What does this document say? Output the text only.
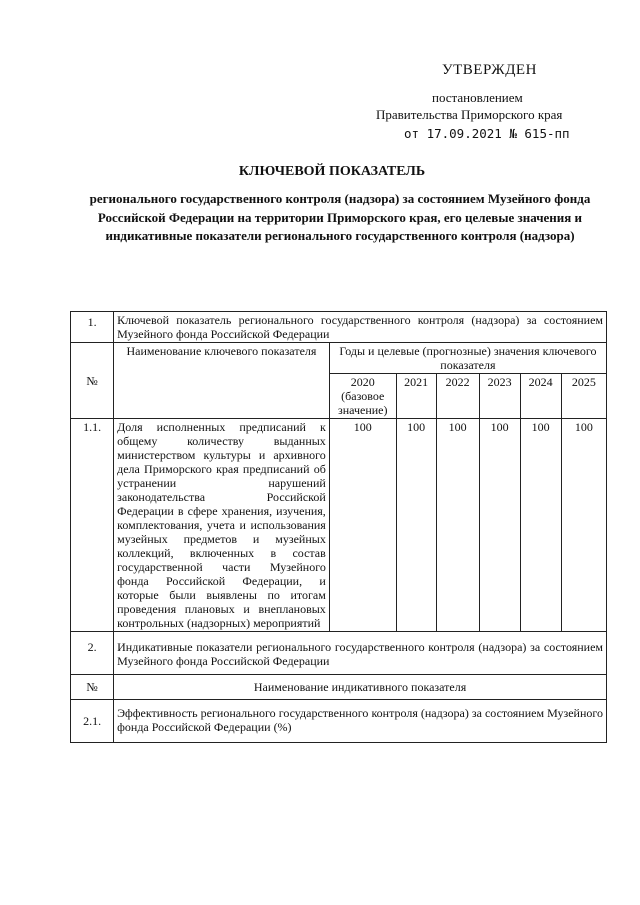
УТВЕРЖДЕН
постановлением
Правительства Приморского края
от 17.09.2021 № 615-пп
КЛЮЧЕВОЙ ПОКАЗАТЕЛЬ
регионального государственного контроля (надзора) за состоянием Музейного фонда Российской Федерации на территории Приморского края, его целевые значения и индикативные показатели регионального государственного контроля (надзора)
1.	Ключевой показатель регионального государственного контроля (надзора) за состоянием Музейного фонда Российской Федерации						
№	Наименование ключевого показателя	Годы и целевые (прогнозные) значения ключевого показателя					
		2020 (базовое значение)	2021	2022	2023	2024	2025
1.1.	Доля исполненных предписаний к общему количеству выданных министерством культуры и архивного дела Приморского края предписаний об устранении нарушений законодательства Российской Федерации в сфере хранения, изучения, комплектования, учета и использования музейных предметов и музейных коллекций, включенных в состав государственной части Музейного фонда Российской Федерации, и которые были выявлены по итогам проведения плановых и внеплановых контрольных (надзорных) мероприятий	100	100	100	100	100	100
2.	Индикативные показатели регионального государственного контроля (надзора) за состоянием Музейного фонда Российской Федерации						
№	Наименование индикативного показателя						
2.1.	Эффективность регионального государственного контроля (надзора) за состоянием Музейного фонда Российской Федерации (%)						
